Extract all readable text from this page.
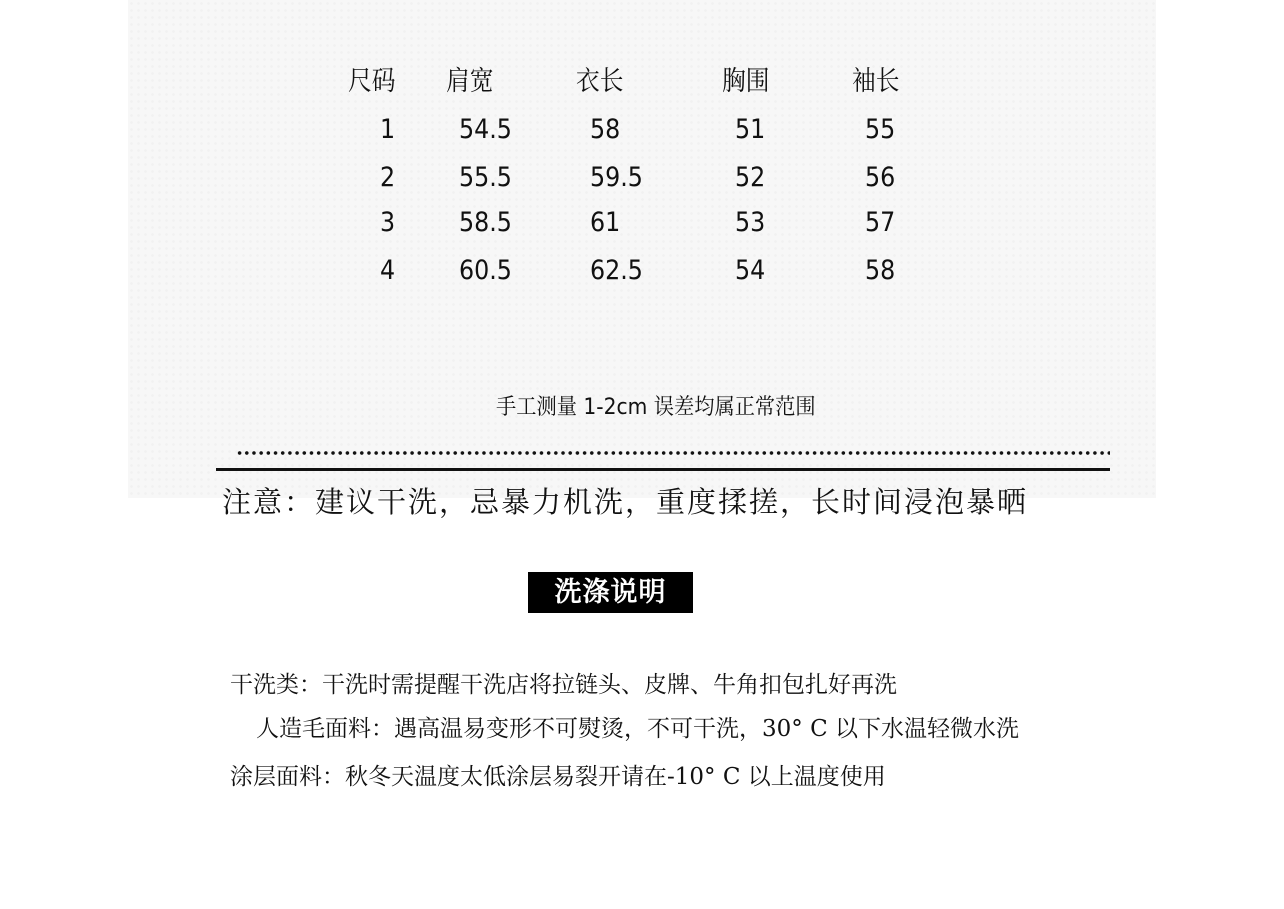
尺码 肩宽	衣长	胸围	袖长
1 54.5	58	51	55
2 55.5	59.5	52	56
3 58.5	61	53	57
4 60.5	62.5	54	58
手工测量 1-2cm 误差均属正常范围
注意：建议干洗，忌暴力机洗，重度揉搓，长时间浸泡暴晒
洗涤说明
干洗类：干洗时需提醒干洗店将拉链头、皮牌、牛角扣包扎好再洗
人造毛面料：遇高温易变形不可熨烫，不可干洗，30° C 以下水温轻微水洗
涂层面料：秋冬天温度太低涂层易裂开请在-10° C 以上温度使用
